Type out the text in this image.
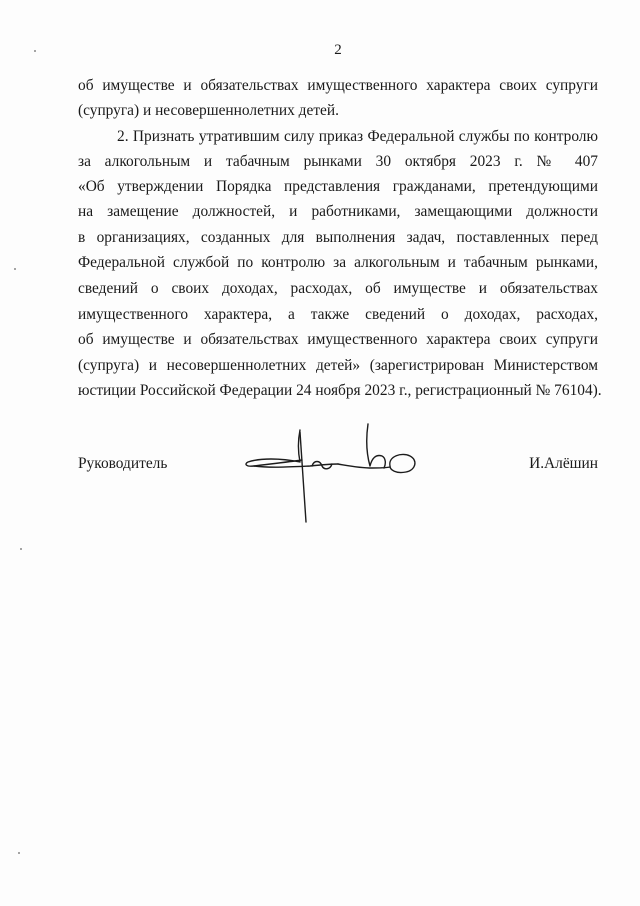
2
об имуществе и обязательствах имущественного характера своих супруги
(супруга) и несовершеннолетних детей.
2. Признать утратившим силу приказ Федеральной службы по контролю
за алкогольным и табачным рынками 30 октября 2023 г. № 407
«Об утверждении Порядка представления гражданами, претендующими
на замещение должностей, и работниками, замещающими должности
в организациях, созданных для выполнения задач, поставленных перед
Федеральной службой по контролю за алкогольным и табачным рынками,
сведений о своих доходах, расходах, об имуществе и обязательствах
имущественного характера, а также сведений о доходах, расходах,
об имуществе и обязательствах имущественного характера своих супруги
(супруга) и несовершеннолетних детей» (зарегистрирован Министерством
юстиции Российской Федерации 24 ноября 2023 г., регистрационный № 76104).
Руководитель	И.Алёшин
